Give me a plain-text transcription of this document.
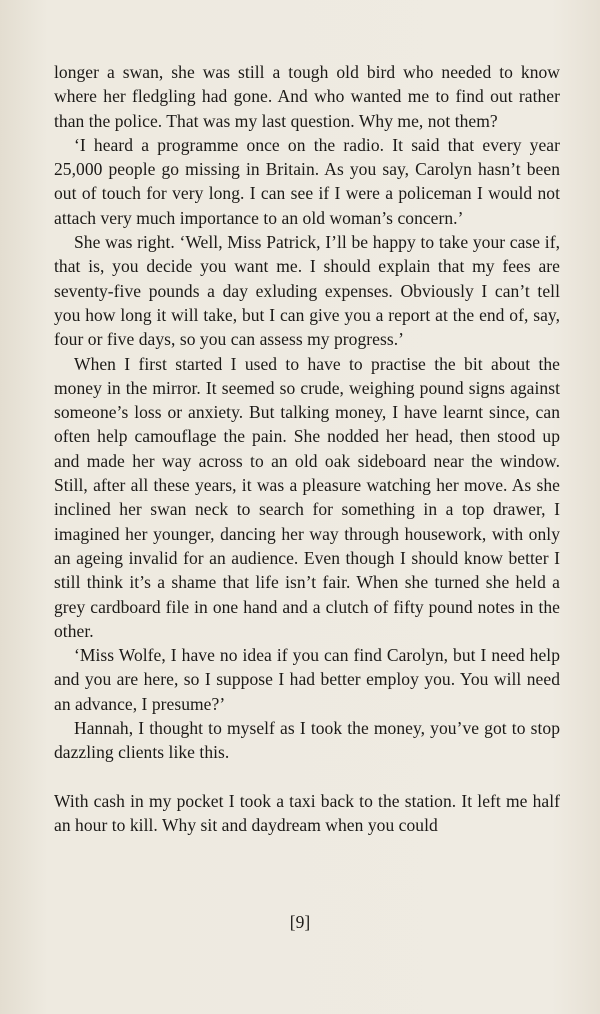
longer a swan, she was still a tough old bird who needed to know where her fledgling had gone. And who wanted me to find out rather than the police. That was my last question. Why me, not them?

‘I heard a programme once on the radio. It said that every year 25,000 people go missing in Britain. As you say, Carolyn hasn’t been out of touch for very long. I can see if I were a policeman I would not attach very much importance to an old woman’s concern.’

She was right. ‘Well, Miss Patrick, I’ll be happy to take your case if, that is, you decide you want me. I should explain that my fees are seventy-five pounds a day exluding expenses. Obviously I can’t tell you how long it will take, but I can give you a report at the end of, say, four or five days, so you can assess my progress.’

When I first started I used to have to practise the bit about the money in the mirror. It seemed so crude, weighing pound signs against someone’s loss or anxiety. But talking money, I have learnt since, can often help camouflage the pain. She nodded her head, then stood up and made her way across to an old oak sideboard near the window. Still, after all these years, it was a pleasure watching her move. As she inclined her swan neck to search for something in a top drawer, I imagined her younger, dancing her way through housework, with only an ageing invalid for an audience. Even though I should know better I still think it’s a shame that life isn’t fair. When she turned she held a grey cardboard file in one hand and a clutch of fifty pound notes in the other.

‘Miss Wolfe, I have no idea if you can find Carolyn, but I need help and you are here, so I suppose I had better employ you. You will need an advance, I presume?’

Hannah, I thought to myself as I took the money, you’ve got to stop dazzling clients like this.

With cash in my pocket I took a taxi back to the station. It left me half an hour to kill. Why sit and daydream when you could

[9]
